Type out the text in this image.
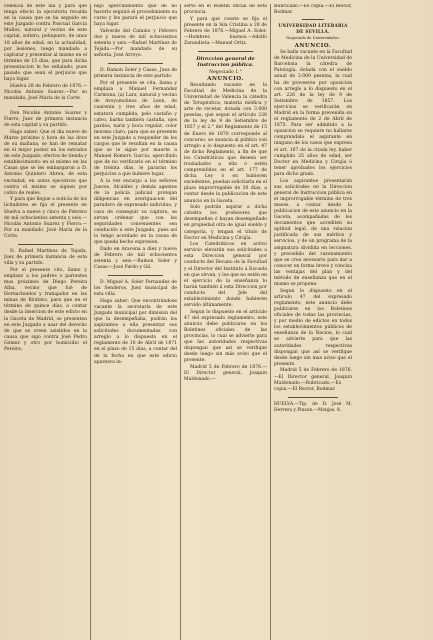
videncia de este dia y para que tenga efecto la ejecutoria recaida en la causa que se ha seguido en este Juzgado contra Pascual García Muñoz, natural y vecino de este capital, soltero, peluquero, de unos 18 años de edad, en la actualidad, por lesiones, luego mandado a capturar y presentar al mismo en el término de 15 días, que para dicha presentacion le he señalado; pues pasado que sean el perjuicio que haya lugar.

Huelva 28 de Febrero de 1876.—Nicolás Antonio Suarez.—Por su mandado, José María de la Corte.

Don Nicolás Antonio Suarez y Fierro, Juez de primera instancia de esta capital y su partido.

Hago saber: Que el dia nueve de Marzo próximo y hora de las doce de su mañana, se han de rematar en el mejor postor en los estrados de este Juzgado, efectos de tienda y establecimiento en el mismo en las Casas que se les embargaron a D. Antonio Quintero Abreu, de esta vecindad, en autos ejecutivos que contra el mismo se siguen por cobro de reales.

Y para que llegue a noticia de los licitadores se fija el presente en Huelva a nueve y cinco de Febrero de mil ochocientos setenta y seis.—Nicolás Antonio Suarez y Fierro.—Por su mandado, José María de la Corte.

D. Rafael Martínez de Tejada, Juez de primera instancia de esta villa y su partido.

Por el presente cito, llamo y emplazo a los padres o parientes mas próximos de Diego Pereira Alba, vecino que fué de Hornachuelos y trabajador en las minas de Riotinto, para que en el término de quince días, a contar desde la insercion de este edicto en la Gaceta de Madrid, se presenten en este Juzgado a usar del derecho de que se creen asistidos en la causa que sigo contra José Pedro Gómez y otro por homicidio el Pereira;

bajo apercibimiento que de no hacerlo seguirá el procedimiento su curso y les parará el perjuicio que haya lugar.

Valverde del Camino y Febrero dos y nueve de mil ochocientos setenta y seis.—Rafael Martínez de Tejada.—Por mandado de su señoría, José Arroyo.

D. Ramon Soler y Casas, Juez de primera instancia de este partido.

Por el presente se cita, llama y emplaza a Manuel Fernandez Carmona, (a) Lara, natural y vecino de Aroyomolinos de Leon, de cuarenta y tres años de edad, estatura cumplida, pelo castaño y calvo, barba también castaña, ojos pardos, nariz y boca regular, color moreno claro, para que se presente en este Juzgado a responder de los cargos que le resultan en la causa que se le sigue por muerte a Manuel Romero Garcia; apercibido que de no verificarlo en el término de treinta días, le pararán los perjuicios a que hubiere lugar.

A la vez encargo a los señores Jueces, Alcaldes y demás agentes de la policía judicial protejan diligencias en averiguacion del paradero de expresado individuo, y caso de conseguir su captura, se sirvan ordenar que con las seguridades convenientes sea conducido a este Juzgado, pues así lo tengo acordado en la causa de que queda hecho expresion.

Dado en Aracena a diez y nueve de Febrero de mil ochocientos setenta y seis.—Ramon Soler y Casas.—José Pardo y Gil.

D. Miguel A. Soler Fernandez de los Senderos, Juez municipal de esta villa.

Hago saber: Que encontrándose vacante la secretaría de este Juzgado municipal por dimision del que la desempeñaba, podrán los aspirantes a ella presentar sus solicitudes documentadas con arreglo a lo dispuesto en el reglamento de 10 de Abril de 1871 en el plazo de 15 días, a contar del de la fecha en que este edicto aparezca in-

serto en el Boletín oficial de esta provincia.

Y para que conste se fija el presente en la Isla Cristina a 28 de Febrero de 1876.—Miguel A. Soler.—Hombres buenos.—Adolfo Zarandieta.—Manuel Ortiz.

Direccion general de Instruccion pública.

Negociado 1.°

ANUNCIO.

Resultando vacante en la Facultad de Medicina de la Universidad de Valencia la cátedra de Terapéutica, materia médica y arte de recetar, dotada con 3.000 pesetas, que segun el artículo 226 de la ley de 9 de Setiembre de 1857 y el 2.° del Reglamento de 15 de Enero de 1870 corresponde al concurso, se anuncia al público con arreglo a lo dispuesto en el art. 47 de dicho Reglamento, a fin de que los Catedráticos que deseen ser trasladados a ella ó estén comprendidos en el art. 177 de dicha Ley ó en hubieren excedentes, puedan solicitarla en el plazo improrrogable de 30 días, a contar desde la publicacion de este anuncio en la Gaceta.

Solo podrán aspirar a dicha cátedra los profesores que desempeñen ó hayan desempeñado en propiedad otra de igual sueldo y categoría, y tengan el título de Doctor en Medicina y Cirujía.

Los Catedráticos en activo servicio elevarán sus solicitudes a esta Direccion general por conducto del Decano de la Facultad y el Director del Instituto á Escuela en que sirvan, y los que no estén en el ejercicio de la enseñanza lo harán también á esta Direccion por conducto del Jefe del establecimiento donde hubieren servido últimamente.

Segun lo dispuesto en el artículo 47 del expresado reglamento, este anuncio debe publicarse en los Boletines oficiales de las provincias, lo cual se advierte para que las autoridades respectivas dispongan que así se verifique desde luego sin más aviso que el presente.

Madrid 5 de Febrero de 1876.—El Director general, Joaquin Maldonado.—

Rubricado.—Es copia.—El Rector, Bodmar.

UNIVERSIDAD LITERARIA DE SEVILLA.

Negociado de Universidades.

ANUNCIO.

Se halla vacante en la Facultad de Medicina de la Universidad de Barcelona la cátedra de Patología, dotada con el sueldo anual de 3.000 pesetas, la cual ha de proveerse por oposicion con arreglo a lo dispuesto en el art. 226 de la ley de 9 de Setiembre de 1857. Los ejercicios se verificarán en Madrid en la forma prevenida en el reglamento de 2 de Abril de 1875. Para ser admitido a la oposicion se requiere no hallarse comprendido el aspirante en ninguno de los casos que expresa el art. 167 de la citada ley, haber cumplido 25 años de edad, ser Doctor en Medicina y Cirujía ó tener aprobados los ejercicios para dicho grado.

Los aspirantes presentarán sus solicitudes en la Direccion general de Instruccion pública en el improrrogable término de tres meses, a contar desde la publicacion de este anuncio en la Gaceta, acompañadas de los documentos que acrediten su aptitud legal, de una relacion justificada de sus méritos y servicios, y de un programa de la asignatura dividida en lecciones, y precedido del razonamiento que se crea necesario para dar a conocer en forma breve y concisa las ventajas del plan y del método de enseñanza que en el mismo se propone.

Segun lo dispuesto en el artículo 47 del expresado reglamento, este anuncio debe publicarse en los Boletines oficiales de todas las provincias, y por medio de edictos en todos los establecimientos públicos de enseñanza de la Nacion, lo cual se advierte para que las autoridades respectivas dispongan que así se verifique desde luego sin mas aviso que el presente.

Madrid 5 de Febrero de 1876.—El Director general, Joaquin Maldonado.—Rubricado.—Es copia.—El Rector, Bodmar.

HUELVA.—Tip. de D. José M. Herrera y Pinzon.—Monjas, 8.
